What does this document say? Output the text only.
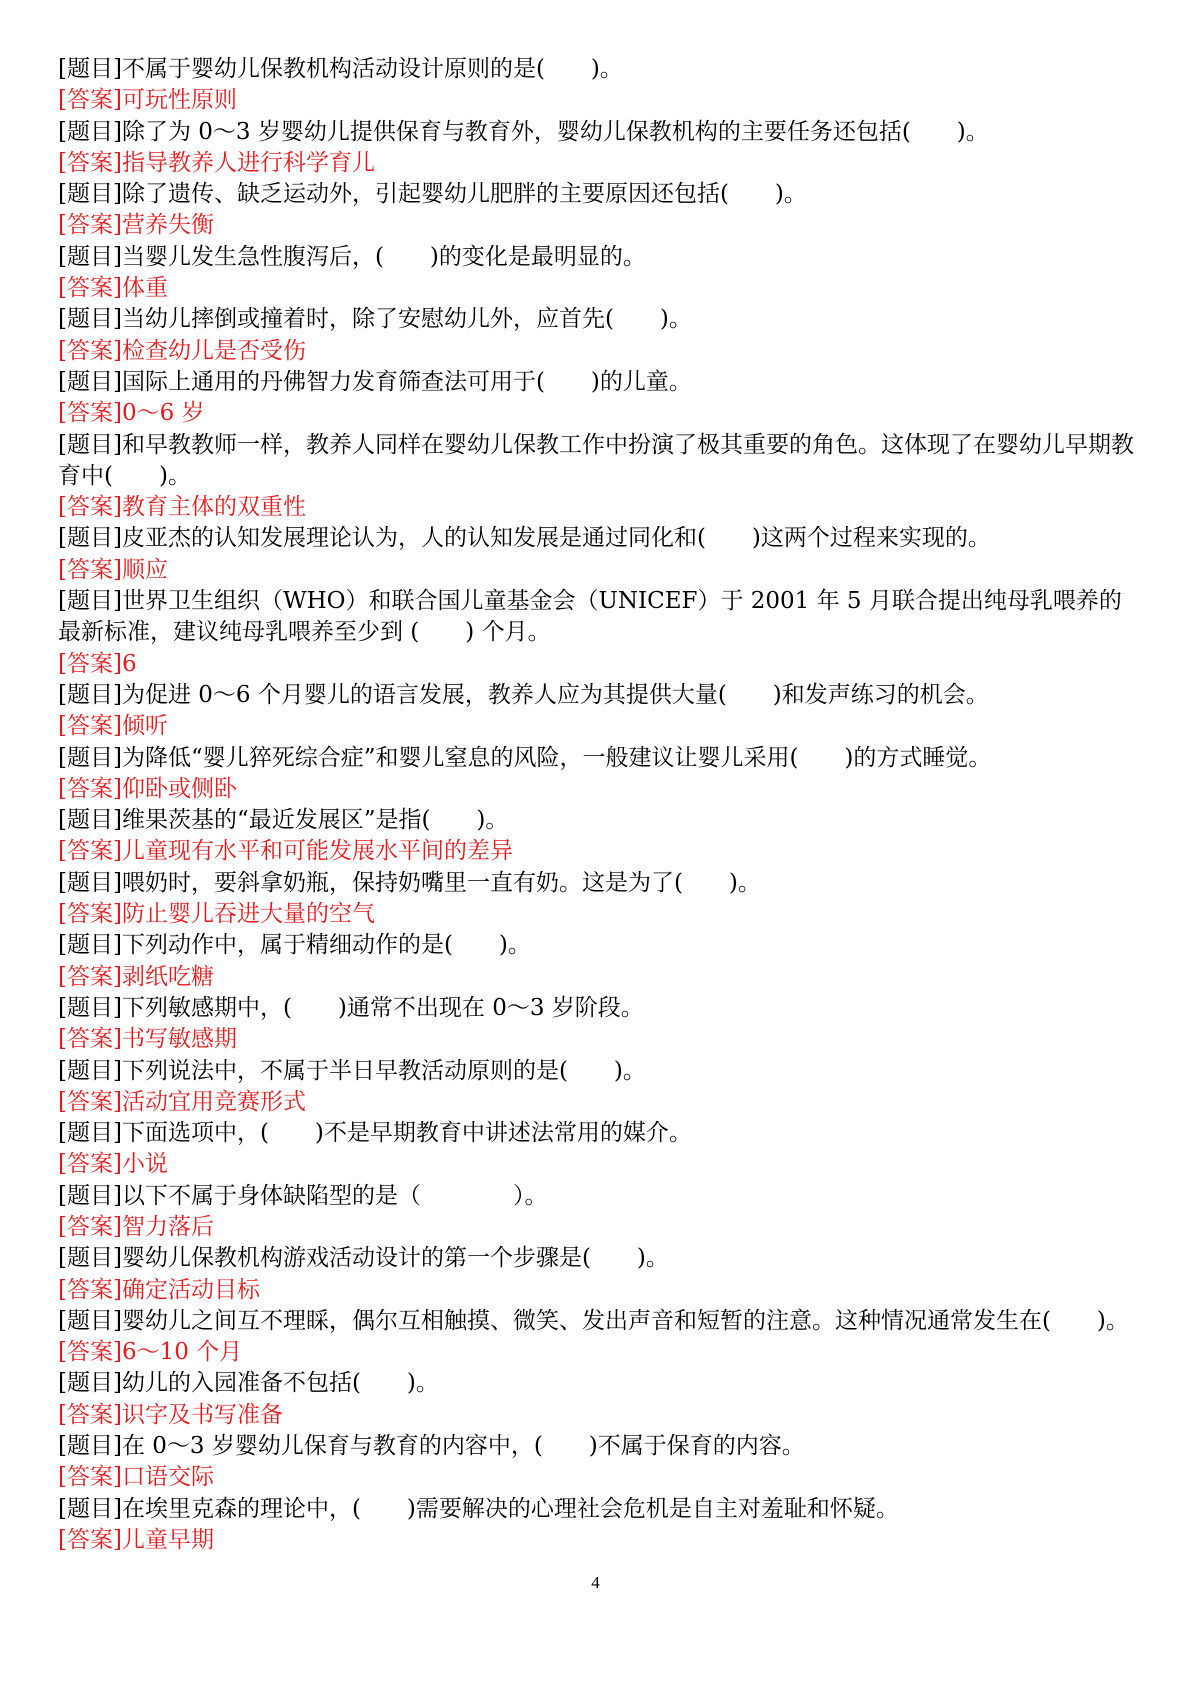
[题目]不属于婴幼儿保教机构活动设计原则的是(　　)。

[答案]可玩性原则

[题目]除了为 0～3 岁婴幼儿提供保育与教育外，婴幼儿保教机构的主要任务还包括(　　)。

[答案]指导教养人进行科学育儿

[题目]除了遗传、缺乏运动外，引起婴幼儿肥胖的主要原因还包括(　　)。

[答案]营养失衡

[题目]当婴儿发生急性腹泻后，(　　)的变化是最明显的。

[答案]体重

[题目]当幼儿摔倒或撞着时，除了安慰幼儿外，应首先(　　)。

[答案]检查幼儿是否受伤

[题目]国际上通用的丹佛智力发育筛查法可用于(　　)的儿童。

[答案]0～6 岁

[题目]和早教教师一样，教养人同样在婴幼儿保教工作中扮演了极其重要的角色。这体现了在婴幼儿早期教育中(　　)。

[答案]教育主体的双重性

[题目]皮亚杰的认知发展理论认为，人的认知发展是通过同化和(　　)这两个过程来实现的。

[答案]顺应

[题目]世界卫生组织（WHO）和联合国儿童基金会（UNICEF）于 2001 年 5 月联合提出纯母乳喂养的最新标准，建议纯母乳喂养至少到 (　　) 个月。

[答案]6

[题目]为促进 0～6 个月婴儿的语言发展，教养人应为其提供大量(　　)和发声练习的机会。

[答案]倾听

[题目]为降低“婴儿猝死综合症”和婴儿窒息的风险，一般建议让婴儿采用(　　)的方式睡觉。

[答案]仰卧或侧卧

[题目]维果茨基的“最近发展区”是指(　　)。

[答案]儿童现有水平和可能发展水平间的差异

[题目]喂奶时，要斜拿奶瓶，保持奶嘴里一直有奶。这是为了(　　)。

[答案]防止婴儿吞进大量的空气

[题目]下列动作中，属于精细动作的是(　　)。

[答案]剥纸吃糖

[题目]下列敏感期中，(　　)通常不出现在 0～3 岁阶段。

[答案]书写敏感期

[题目]下列说法中，不属于半日早教活动原则的是(　　)。

[答案]活动宜用竞赛形式

[题目]下面选项中，(　　)不是早期教育中讲述法常用的媒介。

[答案]小说

[题目]以下不属于身体缺陷型的是（　　　　）。

[答案]智力落后

[题目]婴幼儿保教机构游戏活动设计的第一个步骤是(　　)。

[答案]确定活动目标

[题目]婴幼儿之间互不理睬，偶尔互相触摸、微笑、发出声音和短暂的注意。这种情况通常发生在(　　)。

[答案]6～10 个月

[题目]幼儿的入园准备不包括(　　)。

[答案]识字及书写准备

[题目]在 0～3 岁婴幼儿保育与教育的内容中，(　　)不属于保育的内容。

[答案]口语交际

[题目]在埃里克森的理论中，(　　)需要解决的心理社会危机是自主对羞耻和怀疑。

[答案]儿童早期

4
